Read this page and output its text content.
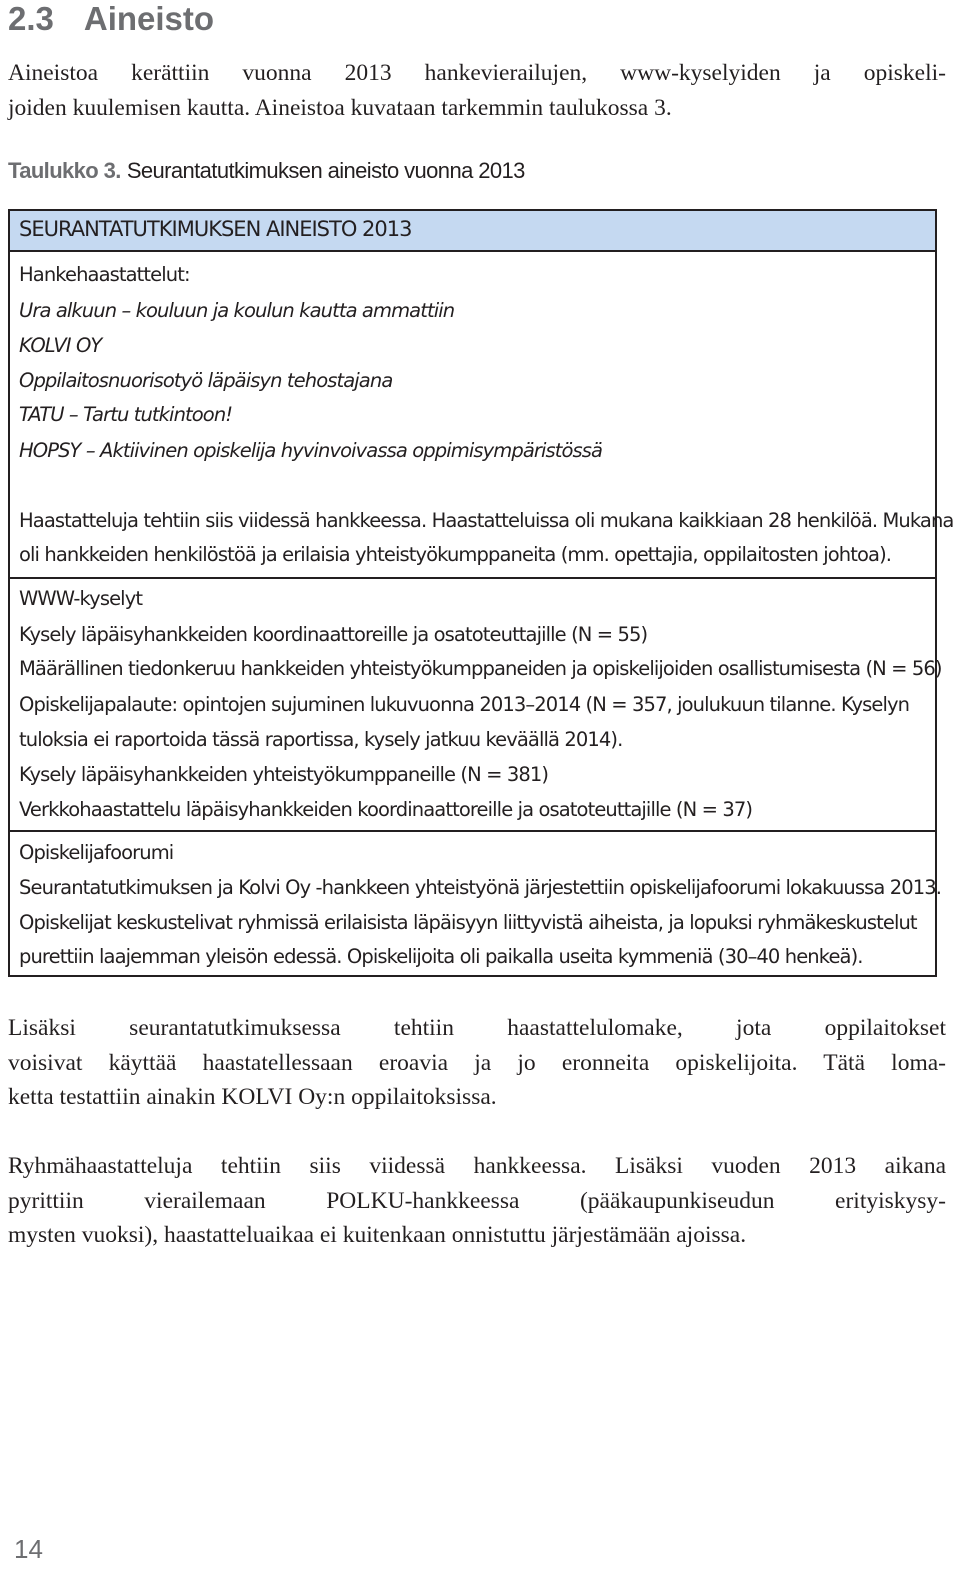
2.3 Aineisto

Aineistoa kerättiin vuonna 2013 hankevierailujen, www-kyselyiden ja opiskeli-
joiden kuulemisen kautta. Aineistoa kuvataan tarkemmin taulukossa 3.

Taulukko 3. Seurantatutkimuksen aineisto vuonna 2013
SEURANTATUTKIMUKSEN AINEISTO 2013
Hankehaastattelut:
Ura alkuun – kouluun ja koulun kautta ammattiin
KOLVI OY
Oppilaitosnuorisotyö läpäisyn tehostajana
TATU – Tartu tutkintoon!
HOPSY – Aktiivinen opiskelija hyvinvoivassa oppimisympäristössä
Haastatteluja tehtiin siis viidessä hankkeessa. Haastatteluissa oli mukana kaikkiaan 28 henkilöä. Mukana
oli hankkeiden henkilöstöä ja erilaisia yhteistyökumppaneita (mm. opettajia, oppilaitosten johtoa).
WWW-kyselyt
Kysely läpäisyhankkeiden koordinaattoreille ja osatoteuttajille (N = 55)
Määrällinen tiedonkeruu hankkeiden yhteistyökumppaneiden ja opiskelijoiden osallistumisesta (N = 56)
Opiskelijapalaute: opintojen sujuminen lukuvuonna 2013–2014 (N = 357, joulukuun tilanne. Kyselyn
tuloksia ei raportoida tässä raportissa, kysely jatkuu keväällä 2014).
Kysely läpäisyhankkeiden yhteistyökumppaneille (N = 381)
Verkkohaastattelu läpäisyhankkeiden koordinaattoreille ja osatoteuttajille (N = 37)
Opiskelijafoorumi
Seurantatutkimuksen ja Kolvi Oy -hankkeen yhteistyönä järjestettiin opiskelijafoorumi lokakuussa 2013.
Opiskelijat keskustelivat ryhmissä erilaisista läpäisyyn liittyvistä aiheista, ja lopuksi ryhmäkeskustelut
purettiin laajemman yleisön edessä. Opiskelijoita oli paikalla useita kymmeniä (30–40 henkeä).

Lisäksi seurantatutkimuksessa tehtiin haastattelulomake, jota oppilaitokset
voisivat käyttää haastatellessaan eroavia ja jo eronneita opiskelijoita. Tätä loma-
ketta testattiin ainakin KOLVI Oy:n oppilaitoksissa.

Ryhmähaastatteluja tehtiin siis viidessä hankkeessa. Lisäksi vuoden 2013 aikana
pyrittiin vierailemaan POLKU-hankkeessa (pääkaupunkiseudun erityiskysy-
mysten vuoksi), haastatteluaikaa ei kuitenkaan onnistuttu järjestämään ajoissa.

14
